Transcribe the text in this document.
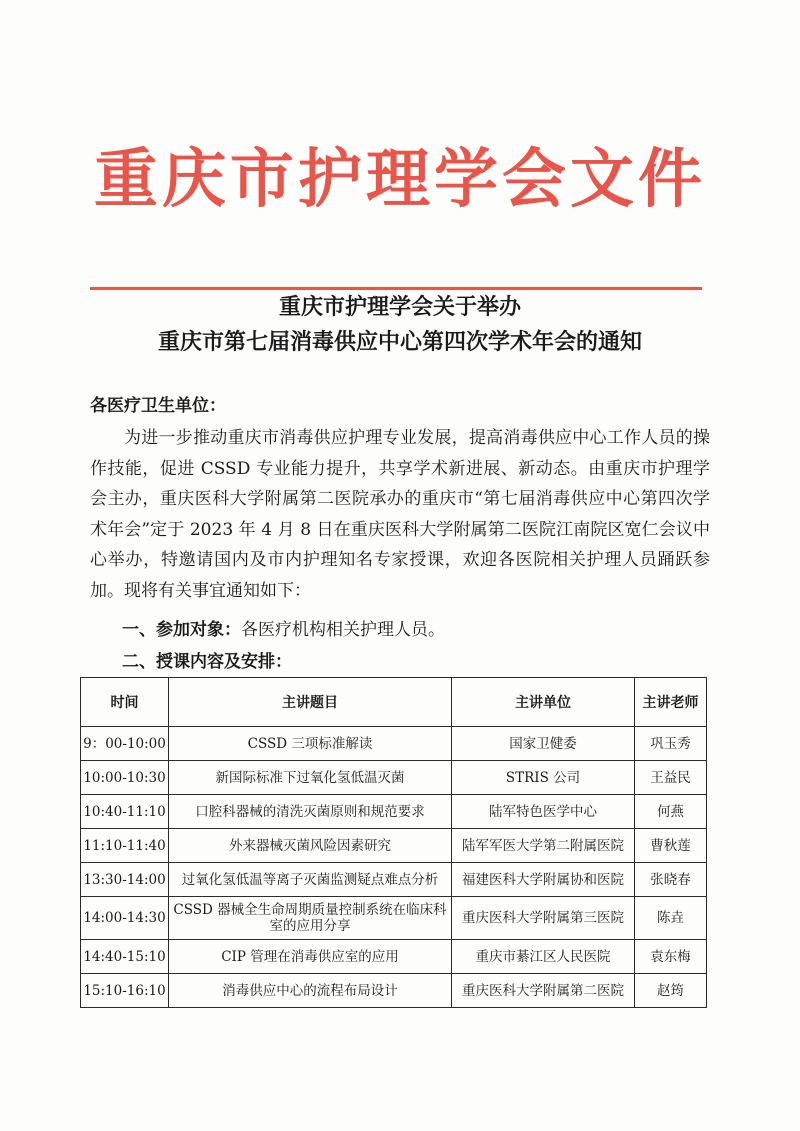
重庆市护理学会文件
重庆市护理学会关于举办
重庆市第七届消毒供应中心第四次学术年会的通知
各医疗卫生单位：
为进一步推动重庆市消毒供应护理专业发展，提高消毒供应中心工作人员的操作技能，促进 CSSD 专业能力提升，共享学术新进展、新动态。由重庆市护理学会主办，重庆医科大学附属第二医院承办的重庆市“第七届消毒供应中心第四次学术年会”定于 2023 年 4 月 8 日在重庆医科大学附属第二医院江南院区宽仁会议中心举办，特邀请国内及市内护理知名专家授课，欢迎各医院相关护理人员踊跃参加。现将有关事宜通知如下：
一、参加对象：各医疗机构相关护理人员。
二、授课内容及安排：
时间	主讲题目	主讲单位	主讲老师
9：00-10:00	CSSD 三项标准解读	国家卫健委	巩玉秀
10:00-10:30	新国际标准下过氧化氢低温灭菌	STRIS 公司	王益民
10:40-11:10	口腔科器械的清洗灭菌原则和规范要求	陆军特色医学中心	何燕
11:10-11:40	外来器械灭菌风险因素研究	陆军军医大学第二附属医院	曹秋莲
13:30-14:00	过氧化氢低温等离子灭菌监测疑点难点分析	福建医科大学附属协和医院	张晓春
14:00-14:30	CSSD 器械全生命周期质量控制系统在临床科室的应用分享	重庆医科大学附属第三医院	陈垚
14:40-15:10	CIP 管理在消毒供应室的应用	重庆市綦江区人民医院	袁东梅
15:10-16:10	消毒供应中心的流程布局设计	重庆医科大学附属第二医院	赵筠
